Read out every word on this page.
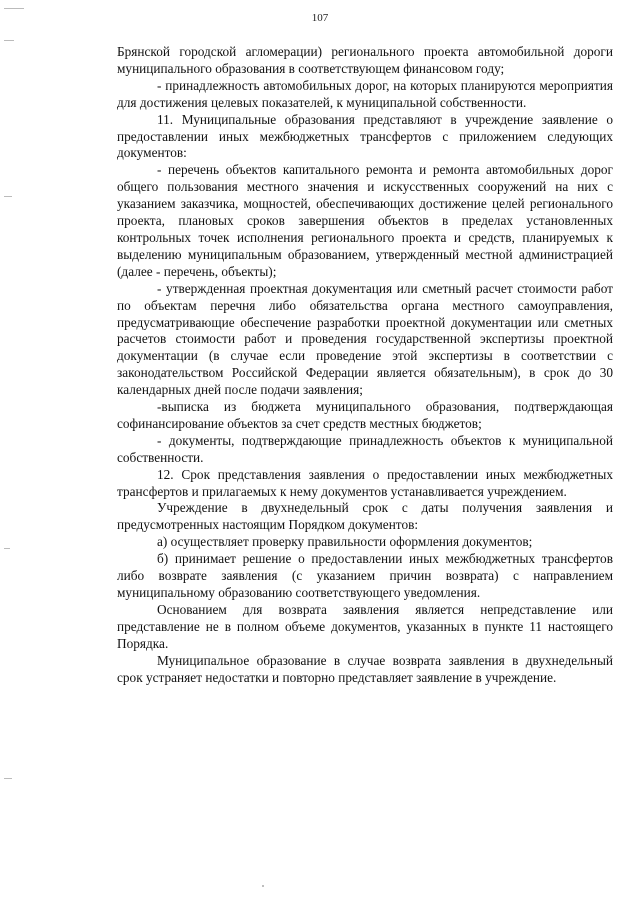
107

Брянской городской агломерации) регионального проекта автомобильной дороги муниципального образования в соответствующем финансовом году;

- принадлежность автомобильных дорог, на которых планируются мероприятия для достижения целевых показателей, к муниципальной собственности.

11. Муниципальные образования представляют в учреждение заявление о предоставлении иных межбюджетных трансфертов с приложением следующих документов:

- перечень объектов капитального ремонта и ремонта автомобильных дорог общего пользования местного значения и искусственных сооружений на них с указанием заказчика, мощностей, обеспечивающих достижение целей регионального проекта, плановых сроков завершения объектов в пределах установленных контрольных точек исполнения регионального проекта и средств, планируемых к выделению муниципальным образованием, утвержденный местной администрацией (далее - перечень, объекты);

- утвержденная проектная документация или сметный расчет стоимости работ по объектам перечня либо обязательства органа местного самоуправления, предусматривающие обеспечение разработки проектной документации или сметных расчетов стоимости работ и проведения государственной экспертизы проектной документации (в случае если проведение этой экспертизы в соответствии с законодательством Российской Федерации является обязательным), в срок до 30 календарных дней после подачи заявления;

-выписка из бюджета муниципального образования, подтверждающая софинансирование объектов за счет средств местных бюджетов;

- документы, подтверждающие принадлежность объектов к муниципальной собственности.

12. Срок представления заявления о предоставлении иных межбюджетных трансфертов и прилагаемых к нему документов устанавливается учреждением.

Учреждение в двухнедельный срок с даты получения заявления и предусмотренных настоящим Порядком документов:

а) осуществляет проверку правильности оформления документов;

б) принимает решение о предоставлении иных межбюджетных трансфертов либо возврате заявления (с указанием причин возврата) с направлением муниципальному образованию соответствующего уведомления.

Основанием для возврата заявления является непредставление или представление не в полном объеме документов, указанных в пункте 11 настоящего Порядка.

Муниципальное образование в случае возврата заявления в двухнедельный срок устраняет недостатки и повторно представляет заявление в учреждение.
